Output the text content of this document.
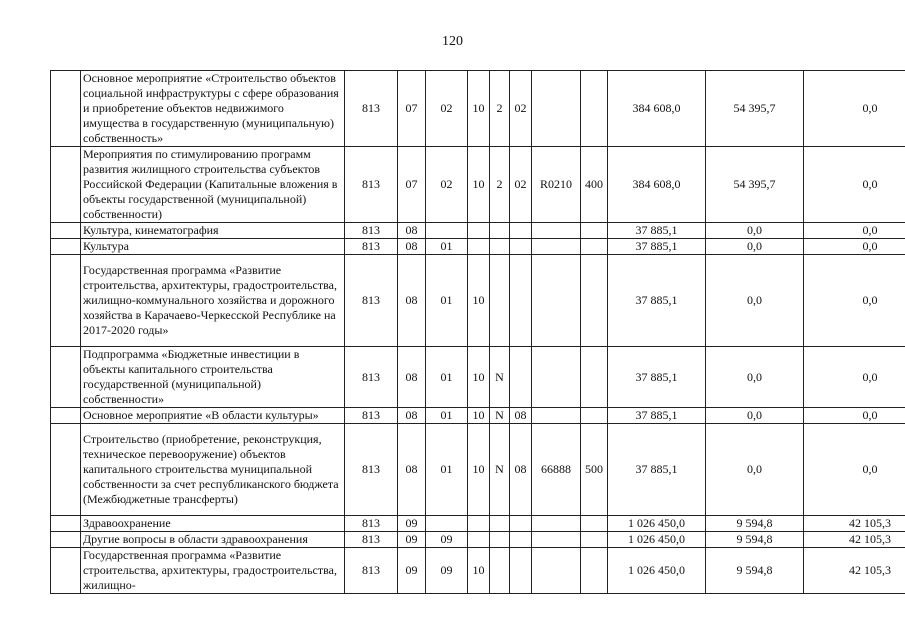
120
	Основное мероприятие «Строительство объектов социальной инфраструктуры с сфере образования и приобретение объектов недвижимого имущества в государственную (муниципальную) собственность»	813	07	02	10	2	02			384 608,0	54 395,7	0,0
	Мероприятия по стимулированию программ развития жилищного строительства субъектов Российской Федерации (Капитальные вложения в объекты государственной (муниципальной) собственности)	813	07	02	10	2	02	R0210	400	384 608,0	54 395,7	0,0
	Культура, кинематография	813	08							37 885,1	0,0	0,0
	Культура	813	08	01						37 885,1	0,0	0,0
	Государственная программа «Развитие строительства, архитектуры, градостроительства, жилищно-коммунального хозяйства и дорожного хозяйства в Карачаево-Черкесской Республике на 2017-2020 годы»	813	08	01	10					37 885,1	0,0	0,0
	Подпрограмма «Бюджетные инвестиции в объекты капитального строительства государственной (муниципальной) собственности»	813	08	01	10	N				37 885,1	0,0	0,0
	Основное мероприятие «В области культуры»	813	08	01	10	N	08			37 885,1	0,0	0,0
	Строительство (приобретение, реконструкция, техническое перевооружение) объектов капитального строительства муниципальной собственности за счет республиканского бюджета (Межбюджетные трансферты)	813	08	01	10	N	08	66888	500	37 885,1	0,0	0,0
	Здравоохранение	813	09							1 026 450,0	9 594,8	42 105,3
	Другие вопросы в области здравоохранения	813	09	09						1 026 450,0	9 594,8	42 105,3
	Государственная программа «Развитие строительства, архитектуры, градостроительства, жилищно-	813	09	09	10					1 026 450,0	9 594,8	42 105,3
